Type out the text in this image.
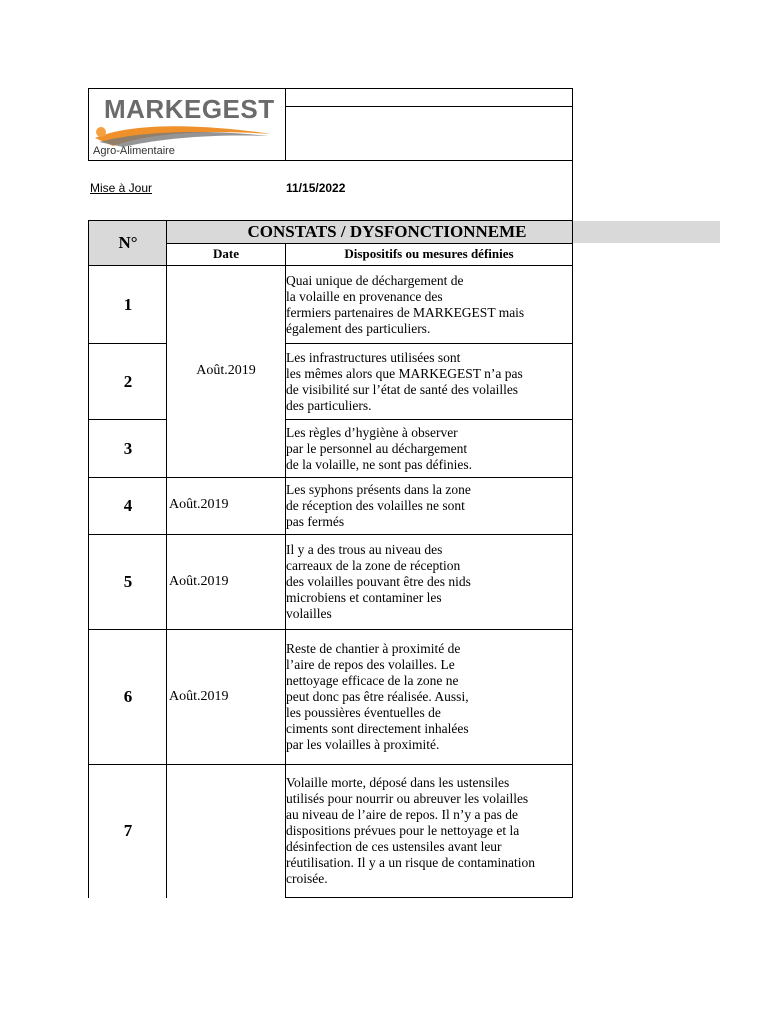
MARKEGEST
Agro-Alimentaire
Mise à Jour	11/15/2022
N°
CONSTATS / DYSFONCTIONNEME
Date	Dispositifs ou mesures définies
1
2
3
4
5
6
7
Août.2019
Août.2019
Août.2019
Août.2019
Quai unique de déchargement de
la volaille en provenance des
fermiers partenaires de MARKEGEST mais
également des particuliers.
Les infrastructures utilisées sont
les mêmes alors que MARKEGEST n’a pas
de visibilité sur l’état de santé des volailles
des particuliers.
Les règles d’hygiène à observer
par le personnel au déchargement
de la volaille, ne sont pas définies.
Les syphons présents dans la zone
de réception des volailles ne sont
pas fermés
Il y a des trous au niveau des
carreaux de la zone de réception
des volailles pouvant être des nids
microbiens et contaminer les
volailles
Reste de chantier à proximité de
l’aire de repos des volailles. Le
nettoyage efficace de la zone ne
peut donc pas être réalisée. Aussi,
les poussières éventuelles de
ciments sont directement inhalées
par les volailles à proximité.
Volaille morte, déposé dans les ustensiles
utilisés pour nourrir ou abreuver les volailles
au niveau de l’aire de repos. Il n’y a pas de
dispositions prévues pour le nettoyage et la
désinfection de ces ustensiles avant leur
réutilisation. Il y a un risque de contamination
croisée.
